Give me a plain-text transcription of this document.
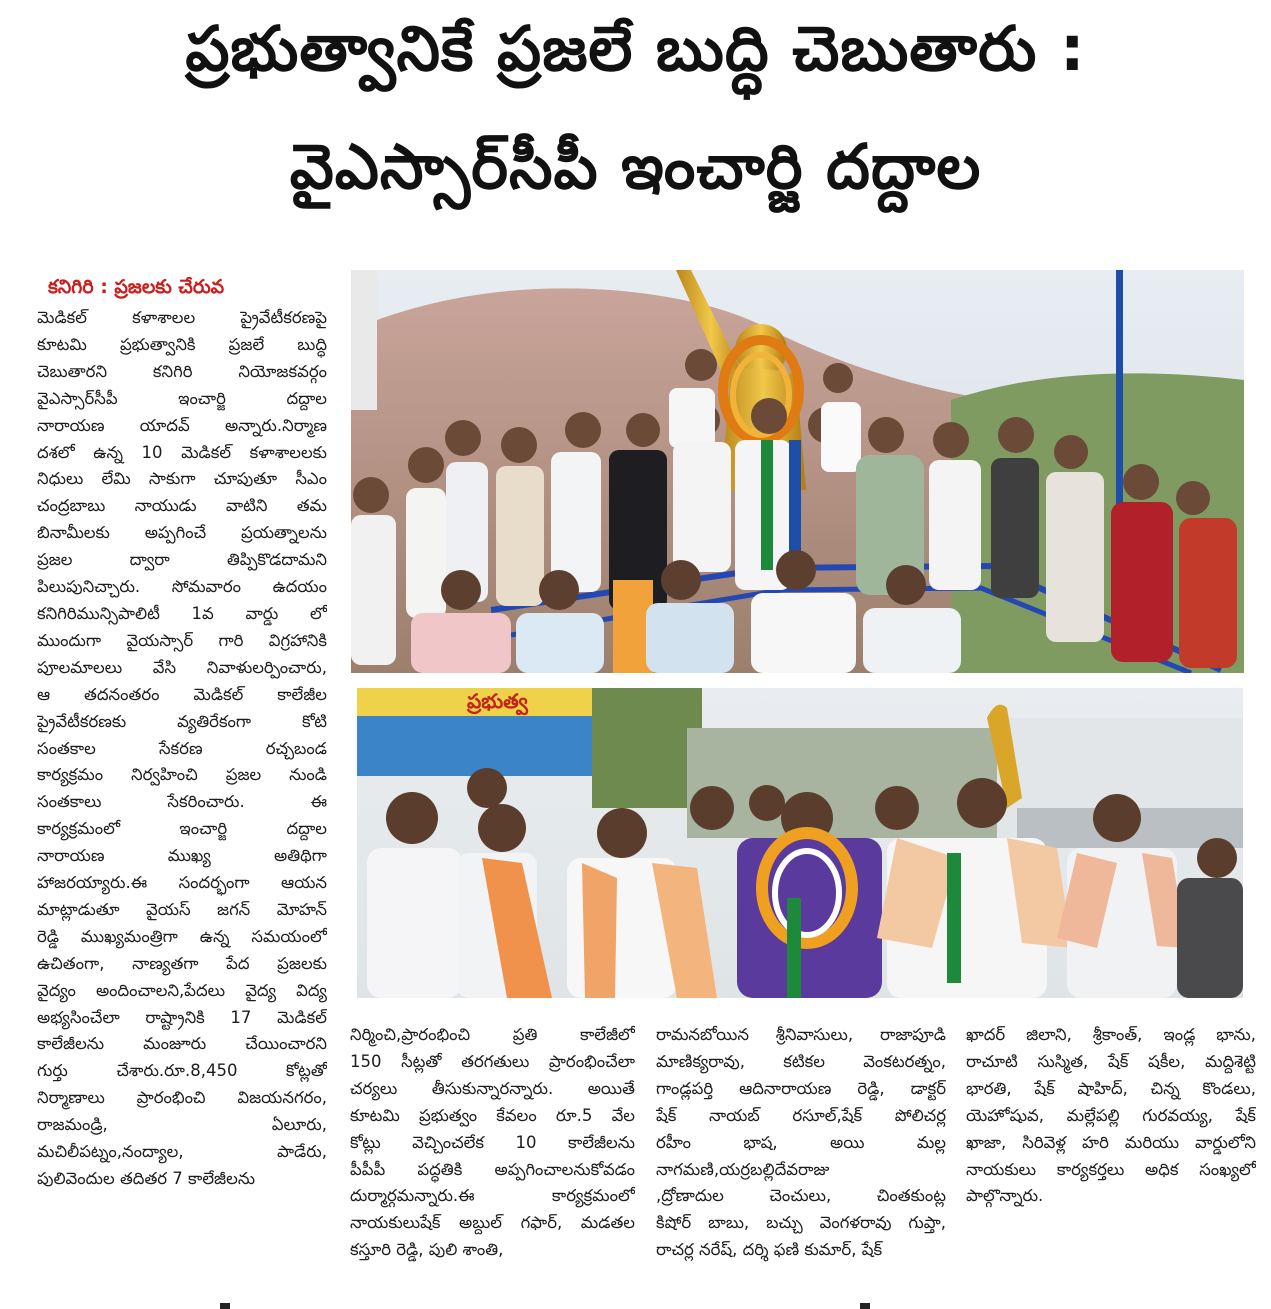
ప్రభుత్వానికే ప్రజలే బుద్ధి చెబుతారు :
వైఎస్సార్‌సీపీ ఇంచార్జి దద్దాల
కనిగిరి : ప్రజలకు చేరువ

మెడికల్ కళాశాలల ప్రైవేటీకరణపై

కూటమి ప్రభుత్వానికి ప్రజలే బుద్ధి

చెబుతారని కనిగిరి నియోజకవర్గం

వైఎస్సార్‌సీపీ ఇంచార్జి దద్దాల

నారాయణ యాదవ్ అన్నారు.నిర్మాణ

దశలో ఉన్న 10 మెడికల్ కళాశాలలకు

నిధులు లేమి సాకుగా చూపుతూ సీఎం

చంద్రబాబు నాయుడు వాటిని తమ

బినామీలకు అప్పగించే ప్రయత్నాలను

ప్రజల ద్వారా తిప్పికొడదామని

పిలుపునిచ్చారు. సోమవారం ఉదయం

కనిగిరిమున్సిపాలిటీ 1వ వార్డు లో

ముందుగా వైయస్సార్ గారి విగ్రహానికి

పూలమాలలు వేసి నివాళులర్పించారు,

ఆ తదనంతరం మెడికల్ కాలేజీల

ప్రైవేటీకరణకు వ్యతిరేకంగా కోటి

సంతకాల సేకరణ రచ్చబండ

కార్యక్రమం నిర్వహించి ప్రజల నుండి

సంతకాలు సేకరించారు. ఈ

కార్యక్రమంలో ఇంచార్జి దద్దాల

నారాయణ ముఖ్య అతిథిగా

హాజరయ్యారు.ఈ సందర్భంగా ఆయన

మాట్లాడుతూ వైయస్ జగన్ మోహన్

రెడ్డి ముఖ్యమంత్రిగా ఉన్న సమయంలో

ఉచితంగా, నాణ్యతగా పేద ప్రజలకు

వైద్యం అందించాలని,పేదలు వైద్య విద్య

అభ్యసించేలా రాష్ట్రానికి 17 మెడికల్

కాలేజీలను మంజూరు చేయించారని

గుర్తు చేశారు.రూ.8,450 కోట్లతో

నిర్మాణాలు ప్రారంభించి విజయనగరం,

రాజమండ్రి, ఏలూరు,

మచిలీపట్నం,నంద్యాల, పాడేరు,

పులివెందుల తదితర 7 కాలేజీలను

నిర్మించి,ప్రారంభించి ప్రతి కాలేజీలో

150 సీట్లతో తరగతులు ప్రారంభించేలా

చర్యలు తీసుకున్నారన్నారు. అయితే

కూటమి ప్రభుత్వం కేవలం రూ.5 వేల

కోట్లు వెచ్చించలేక 10 కాలేజీలను

పీపీపీ పద్ధతికి అప్పగించాలనుకోవడం

దుర్మార్గమన్నారు.ఈ కార్యక్రమంలో

నాయకులుషేక్ అబ్దుల్ గఫార్, మడతల

కస్తూరి రెడ్డి, పులి శాంతి,

రామనబోయిన శ్రీనివాసులు, రాజాపూడి

మాణిక్యరావు, కటికల వెంకటరత్నం,

గాండ్లపర్తి ఆదినారాయణ రెడ్డి, డాక్టర్

షేక్ నాయబ్ రసూల్,షేక్ పోలిచర్ల

రహీం భాష, అయి మల్ల

నాగమణి,యర్రబల్లిదేవరాజు

,ద్రోణాదుల చెంచులు, చింతకుంట్ల

కిషోర్ బాబు, బచ్చు వెంగళరావు గుప్తా,

రాచర్ల నరేష్, దర్శి ఫణి కుమార్, షేక్

ఖాదర్ జిలాని, శ్రీకాంత్, ఇండ్ల భాను,

రాచూటి సుస్మిత, షేక్ షకీల, మద్దిశెట్టి

భారతి, షేక్ షాహిద్, చిన్న కొండలు,

యెహోషువ, మల్లేపల్లి గురవయ్య, షేక్

ఖాజా, సిరివెళ్ల హరి మరియు వార్డులోని

నాయకులు కార్యకర్తలు అధిక సంఖ్యలో

పాల్గొన్నారు.

ప్రభుత్వ
